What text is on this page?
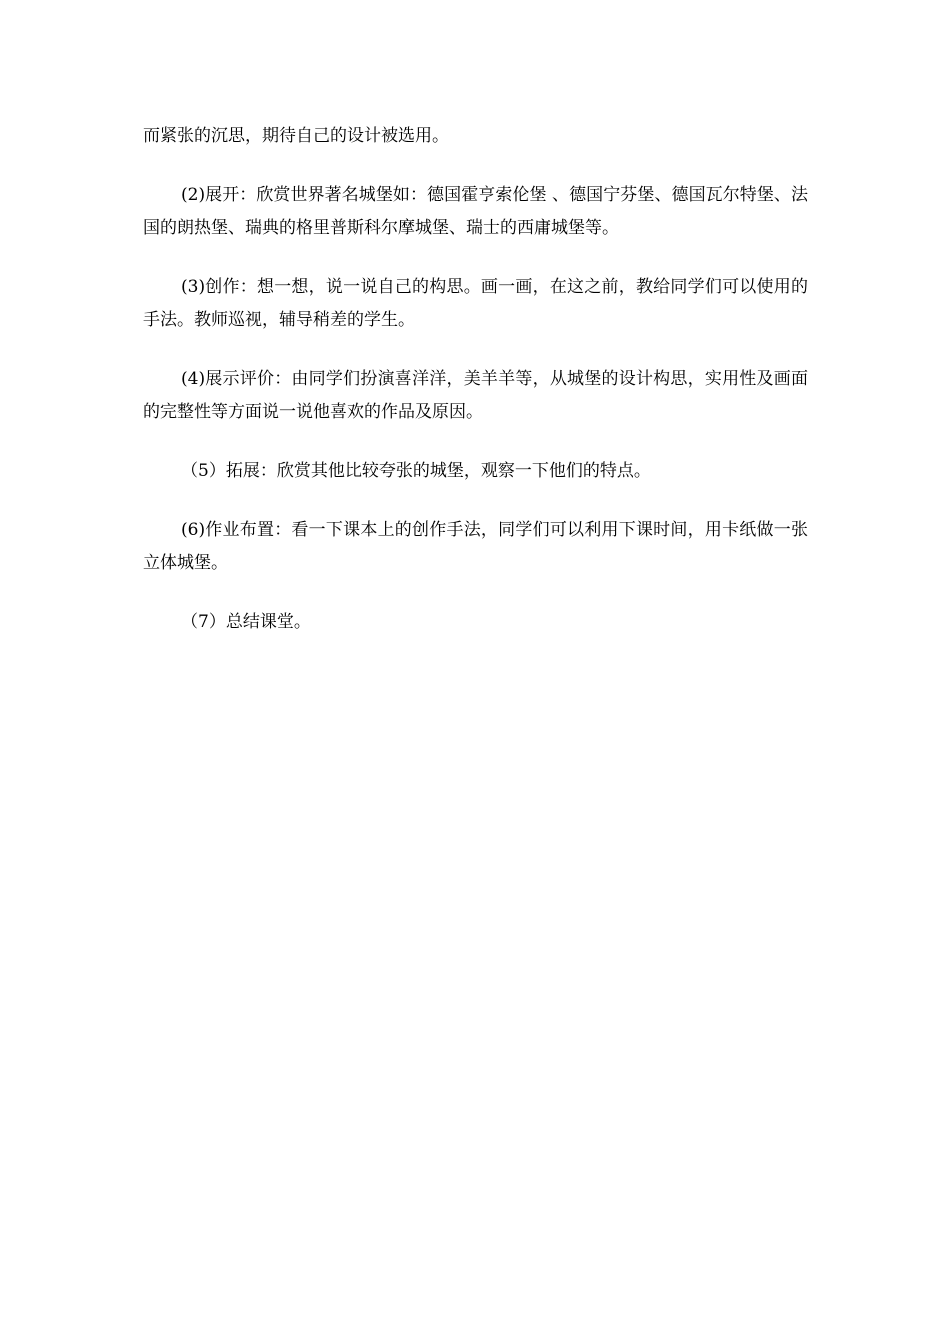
而紧张的沉思，期待自己的设计被选用。

(2)展开：欣赏世界著名城堡如：德国霍亨索伦堡 、德国宁芬堡、德国瓦尔特堡、法国的朗热堡、瑞典的格里普斯科尔摩城堡、瑞士的西庸城堡等。

(3)创作：想一想，说一说自己的构思。画一画，在这之前，教给同学们可以使用的手法。教师巡视，辅导稍差的学生。

(4)展示评价：由同学们扮演喜洋洋，美羊羊等，从城堡的设计构思，实用性及画面的完整性等方面说一说他喜欢的作品及原因。

（5）拓展：欣赏其他比较夸张的城堡，观察一下他们的特点。

(6)作业布置：看一下课本上的创作手法，同学们可以利用下课时间，用卡纸做一张立体城堡。

（7）总结课堂。
